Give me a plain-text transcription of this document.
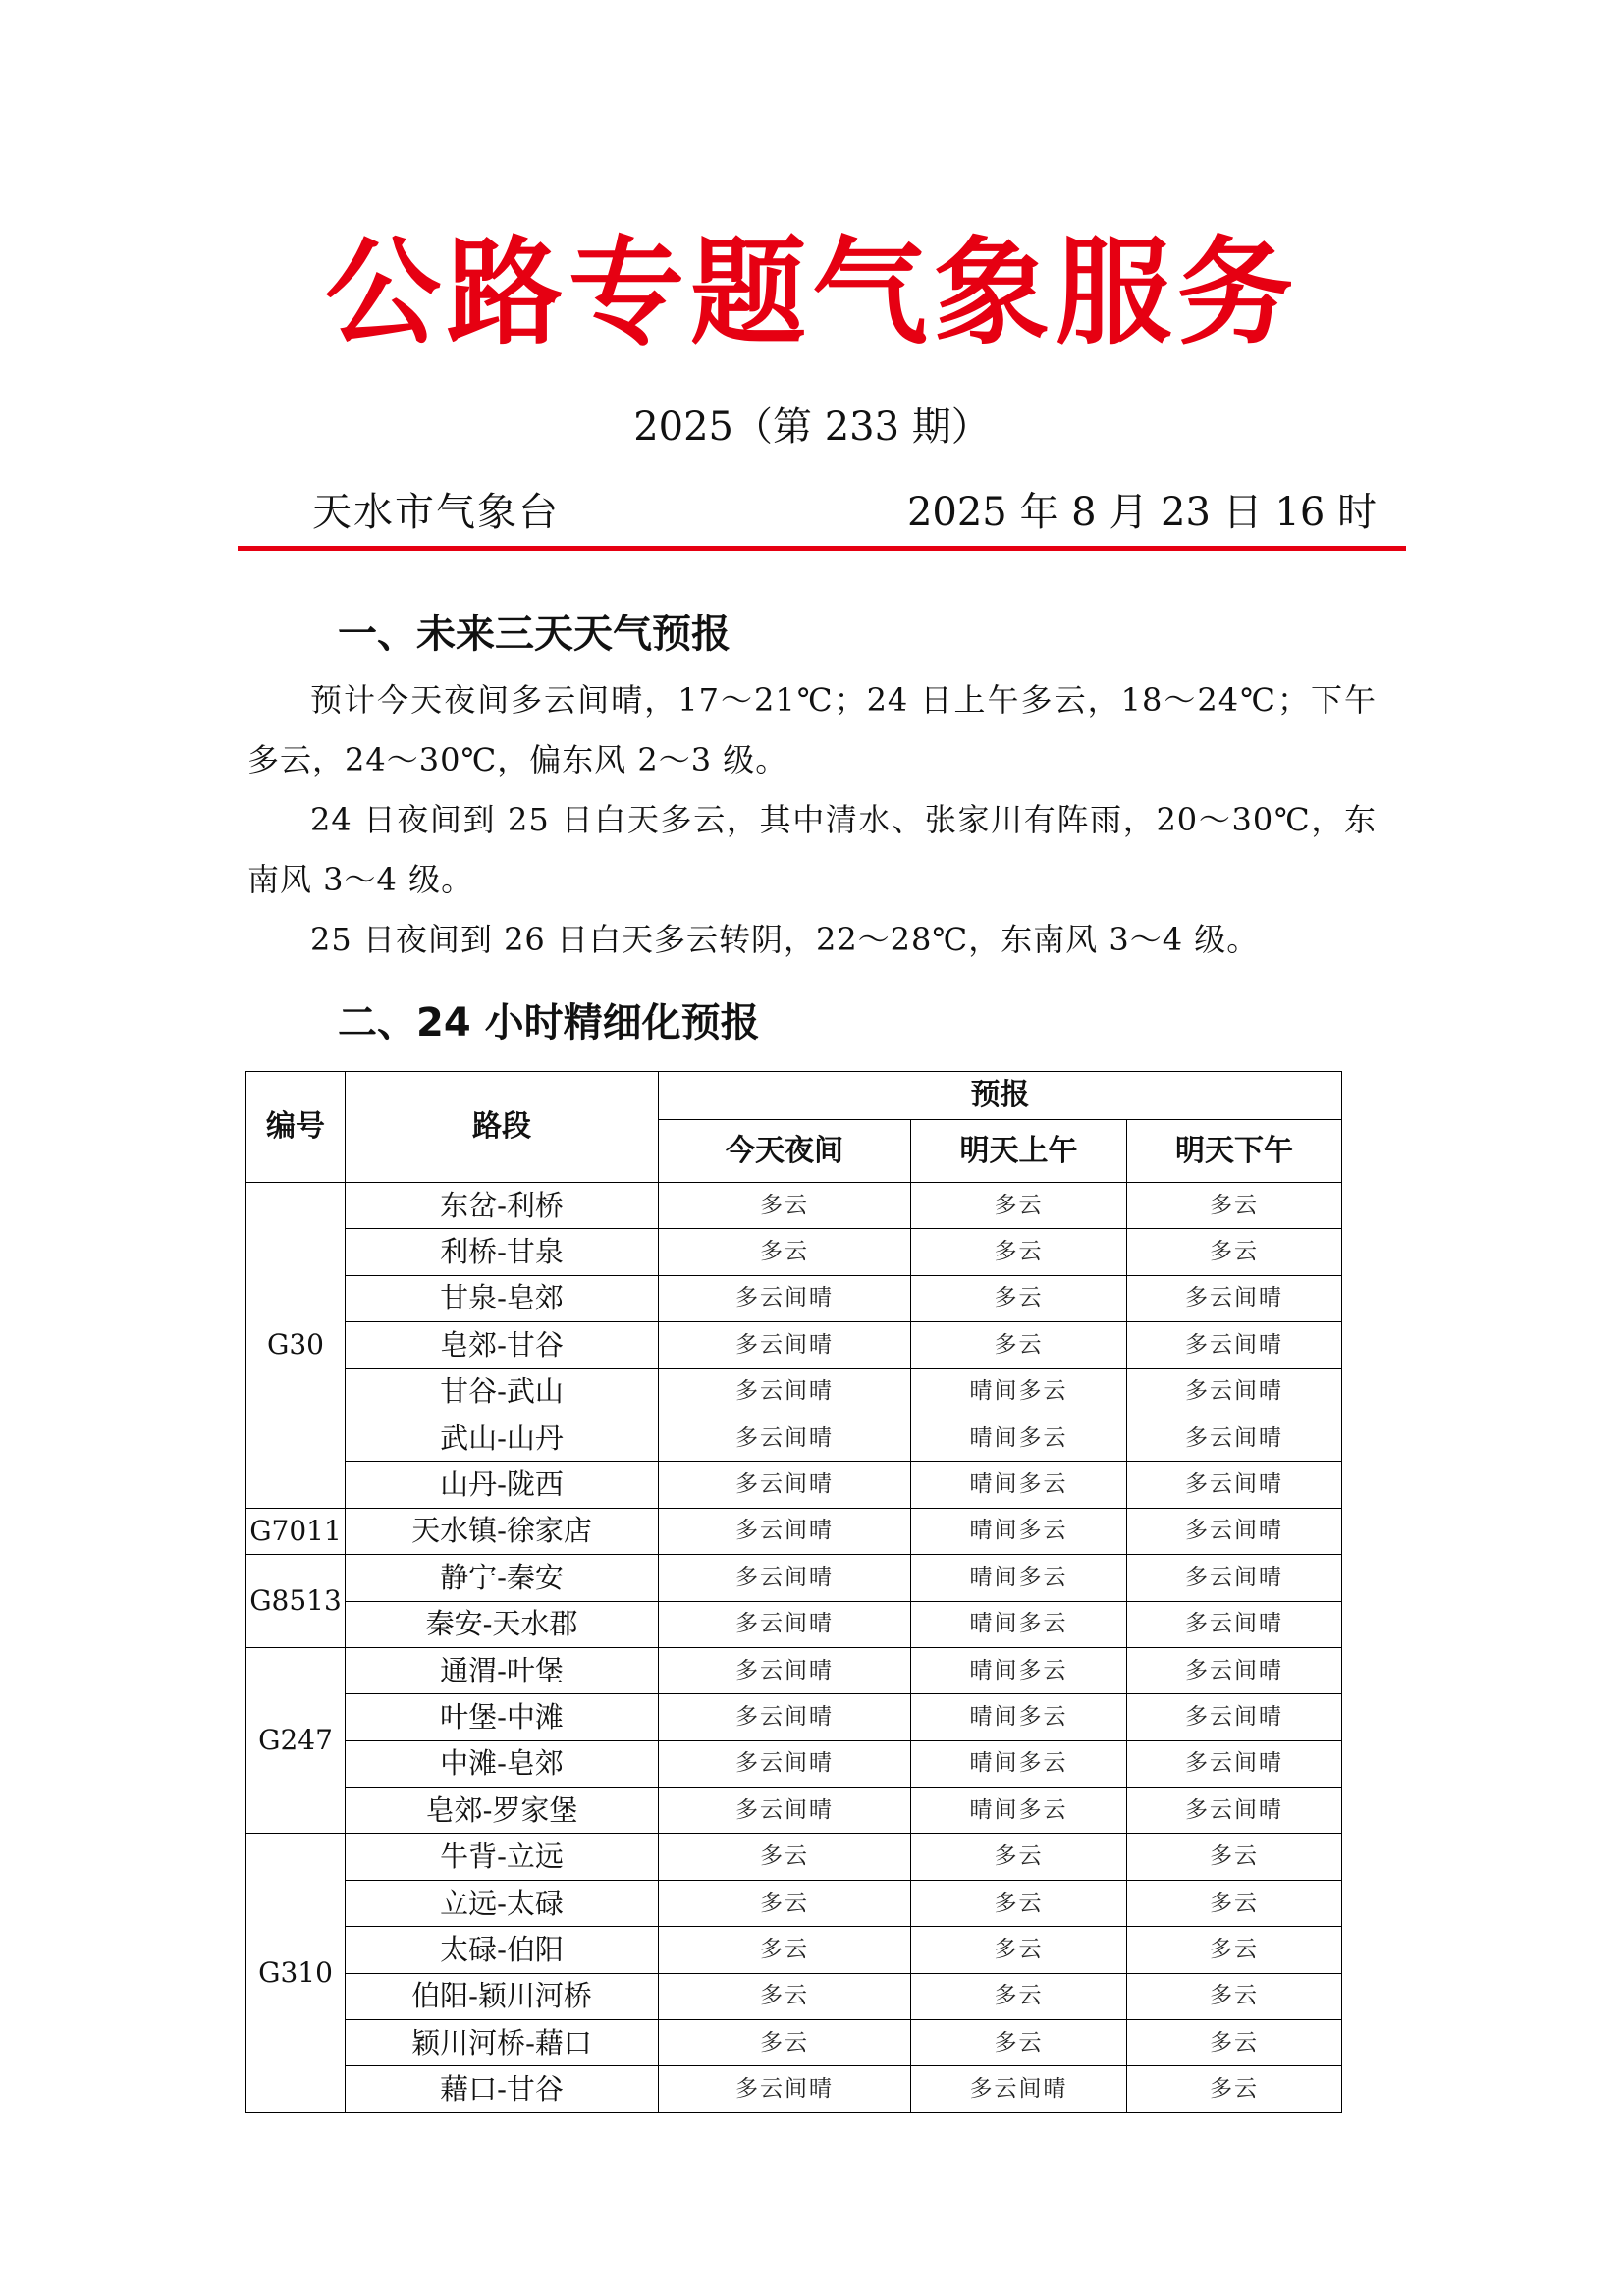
公路专题气象服务
2025（第 233 期）
天水市气象台	2025 年 8 月 23 日 16 时
一、未来三天天气预报
预计今天夜间多云间晴，17～21℃；24 日上午多云，18～24℃；下午多云，24～30℃，偏东风 2～3 级。
24 日夜间到 25 日白天多云，其中清水、张家川有阵雨，20～30℃，东南风 3～4 级。
25 日夜间到 26 日白天多云转阴，22～28℃，东南风 3～4 级。
二、24 小时精细化预报
编号	路段	预报		
		今天夜间	明天上午	明天下午
G30	东岔-利桥	多云	多云	多云
	利桥-甘泉	多云	多云	多云
	甘泉-皂郊	多云间晴	多云	多云间晴
	皂郊-甘谷	多云间晴	多云	多云间晴
	甘谷-武山	多云间晴	晴间多云	多云间晴
	武山-山丹	多云间晴	晴间多云	多云间晴
	山丹-陇西	多云间晴	晴间多云	多云间晴
G7011	天水镇-徐家店	多云间晴	晴间多云	多云间晴
G8513	静宁-秦安	多云间晴	晴间多云	多云间晴
	秦安-天水郡	多云间晴	晴间多云	多云间晴
G247	通渭-叶堡	多云间晴	晴间多云	多云间晴
	叶堡-中滩	多云间晴	晴间多云	多云间晴
	中滩-皂郊	多云间晴	晴间多云	多云间晴
	皂郊-罗家堡	多云间晴	晴间多云	多云间晴
G310	牛背-立远	多云	多云	多云
	立远-太碌	多云	多云	多云
	太碌-伯阳	多云	多云	多云
	伯阳-颖川河桥	多云	多云	多云
	颖川河桥-藉口	多云	多云	多云
	藉口-甘谷	多云间晴	多云间晴	多云
